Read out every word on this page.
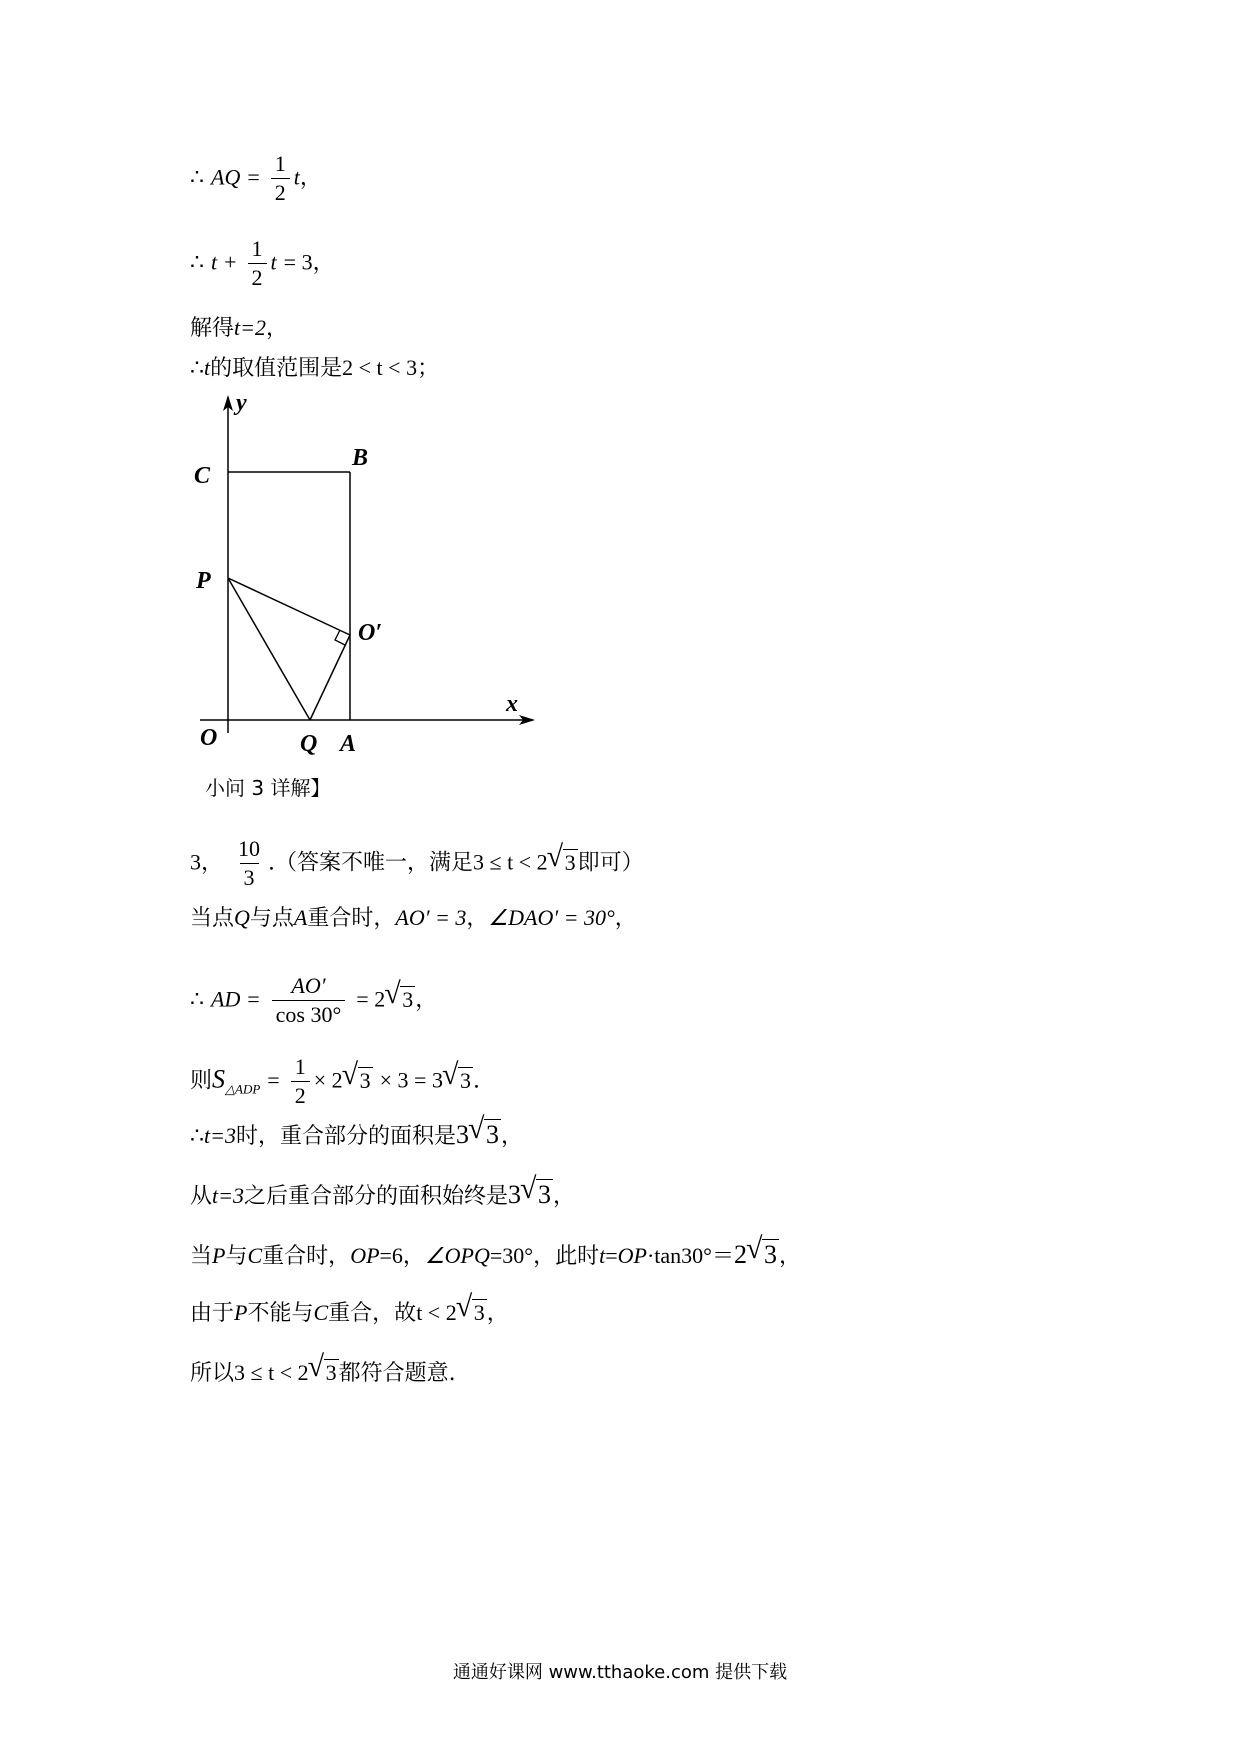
∴ AQ = $\frac{1}{2}$ t，
∴ $t + \frac{1}{2}$ t = 3，
解得t=2，
∴t的取值范围是2 < t < 3；
y
C
B
P
O′
x
O	Q A
小问 3 详解】
3， $\frac{10}{3}$ .（答案不唯一，满足3 ≤ t < 2√ 3即可）
当点Q与点A重合时，AO′ = 3，∠DAO′ = 30°，
∴ AD = $\frac{AO'}{\cos 30^\circ} = 2√$ 3，
则$S_{\triangle ADP} = \frac{1}{2} \times 2√$ 3 × 3 = 3√ 3.
∴t=3时，重合部分的面积是3√ 3，
从t=3之后重合部分的面积始终是3√ 3，
当P与C重合时，OP=6，∠OPQ=30°，此时t=OP·tan30°＝2√ 3，
由于P不能与C重合，故t < 2√ 3，
所以3 ≤ t < 2√ 3都符合题意.
通通好课网 www.tthaoke.com 提供下载
